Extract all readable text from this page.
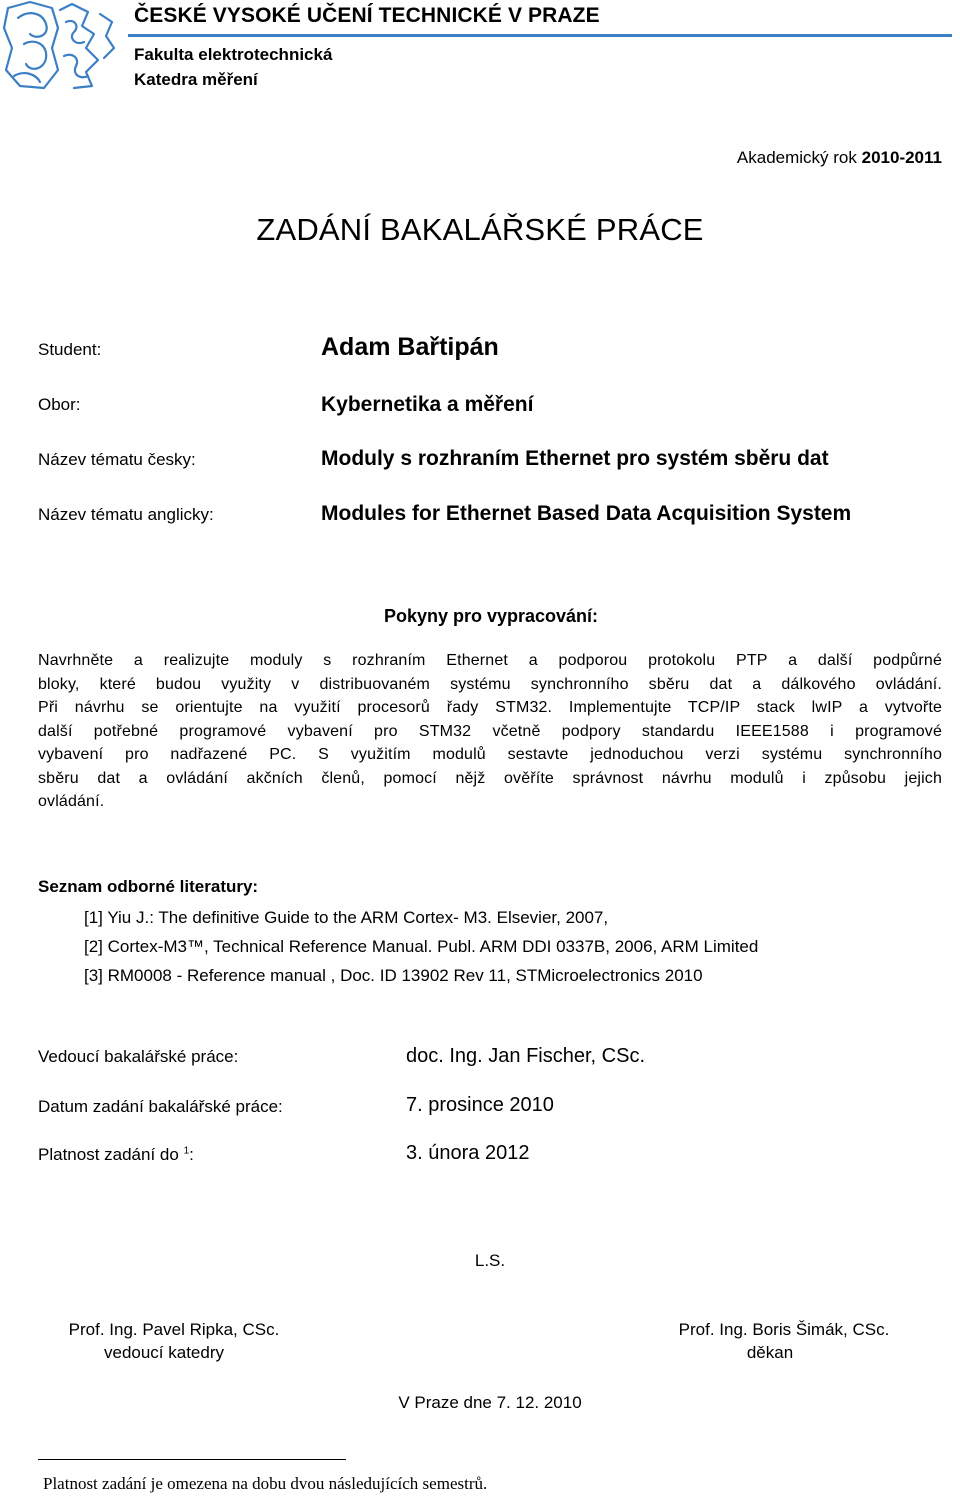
ČESKÉ VYSOKÉ UČENÍ TECHNICKÉ V PRAZE
Fakulta elektrotechnická
Katedra měření
Akademický rok 2010-2011
ZADÁNÍ BAKALÁŘSKÉ PRÁCE
Student:	Adam Bařtipán
Obor:	Kybernetika a měření
Název tématu česky:	Moduly s rozhraním Ethernet pro systém sběru dat
Název tématu anglicky:	Modules for Ethernet Based Data Acquisition System
Pokyny pro vypracování:
Navrhněte a realizujte moduly s rozhraním Ethernet a podporou protokolu PTP a další podpůrné
bloky, které budou využity v distribuovaném systému synchronního sběru dat a dálkového ovládání.
Při návrhu se orientujte na využití procesorů řady STM32. Implementujte TCP/IP stack lwIP a vytvořte
další potřebné programové vybavení pro STM32 včetně podpory standardu IEEE1588 i programové
vybavení pro nadřazené PC. S využitím modulů sestavte jednoduchou verzi systému synchronního
sběru dat a ovládání akčních členů, pomocí nějž ověříte správnost návrhu modulů i způsobu jejich
ovládání.
Seznam odborné literatury:
[1] Yiu J.: The definitive Guide to the ARM Cortex- M3. Elsevier, 2007,
[2] Cortex-M3™, Technical Reference Manual. Publ. ARM DDI 0337B, 2006, ARM Limited
[3] RM0008 - Reference manual , Doc. ID 13902 Rev 11, STMicroelectronics 2010
Vedoucí bakalářské práce:	doc. Ing. Jan Fischer, CSc.
Datum zadání bakalářské práce:	7. prosince 2010
Platnost zadání do $^1$:	3. února 2012
L.S.
Prof. Ing. Pavel Ripka, CSc.
vedoucí katedry
Prof. Ing. Boris Šimák, CSc.
děkan
V Praze dne 7. 12. 2010
Platnost zadání je omezena na dobu dvou následujících semestrů.
